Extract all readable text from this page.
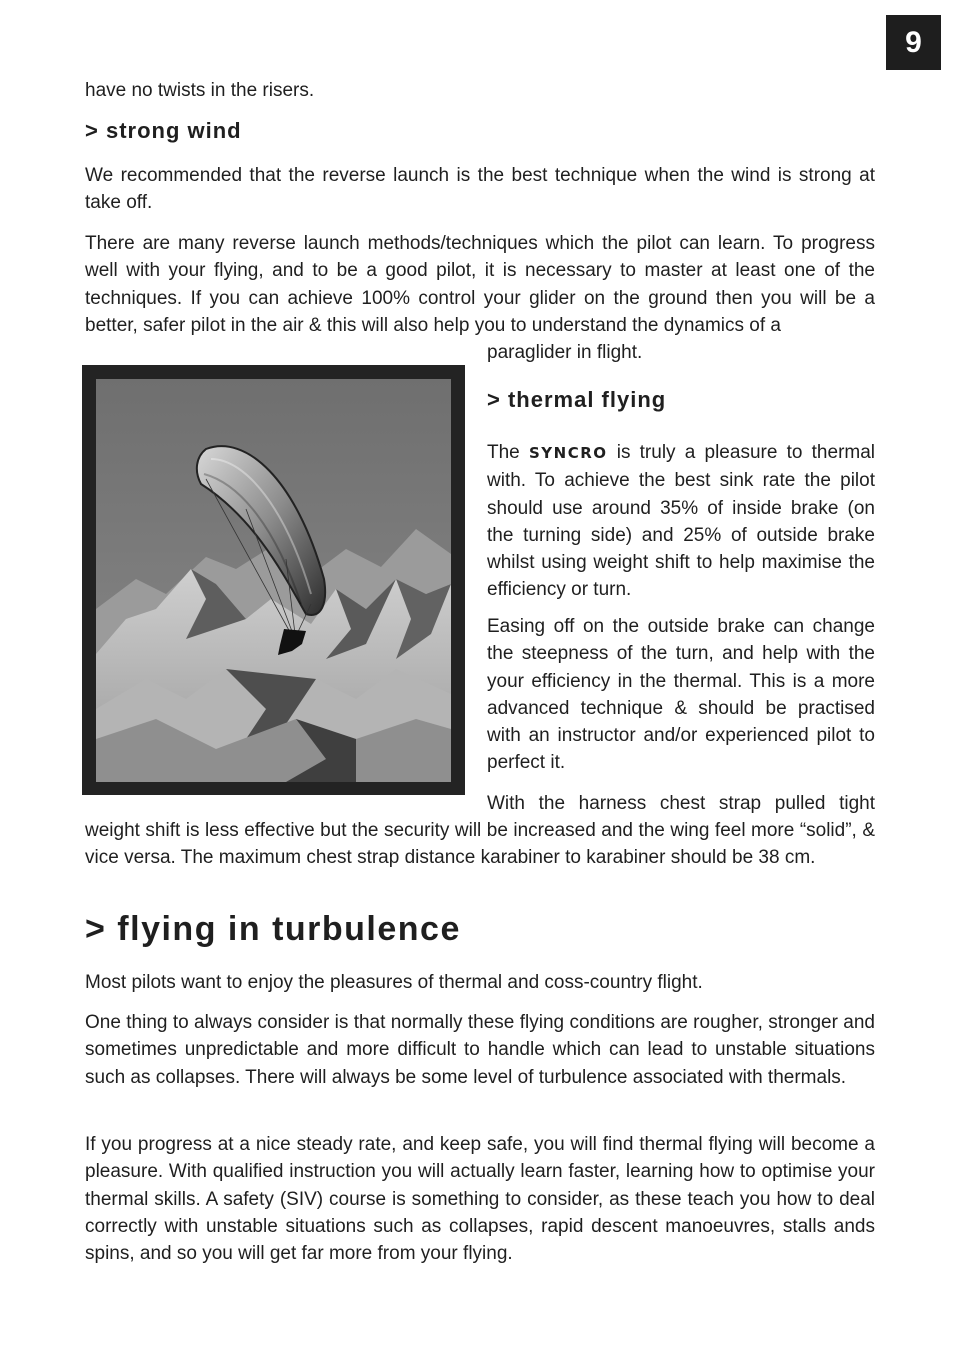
9

have no twists in the risers.

> strong wind

We recommended that the reverse launch is the best technique when the wind is strong at take off.

There are many reverse launch methods/techniques which the pilot can learn. To progress well with your flying, and to be a good pilot, it is necessary to master at least one of the techniques. If you can achieve 100% control your glider on the ground then you will be a better, safer pilot in the air & this will also help you to understand the dynamics of a

paraglider in flight.

> thermal flying

The SYNCRO is truly a pleasure to thermal with. To achieve the best sink rate the pilot should use around 35% of inside brake (on the turning side) and 25% of outside brake whilst using weight shift to help maximise the efficiency or turn.

Easing off on the outside brake can change the steepness of the turn, and help with the your efficiency in the thermal. This is a more advanced technique & should be practised with an instructor and/or experienced pilot to perfect it.

With the harness chest strap pulled tight

weight shift is less effective but the security will be increased and the wing feel more “solid”, & vice versa. The maximum chest strap distance karabiner to karabiner should be 38 cm.

> flying in turbulence

Most pilots want to enjoy the pleasures of thermal and coss-country flight.

One thing to always consider is that normally these flying conditions are rougher, stronger and sometimes unpredictable and more difficult to handle which can lead to unstable situations such as collapses. There will always be some level of turbulence associated with thermals.

If you progress at a nice steady rate, and keep safe, you will find thermal flying will become a pleasure. With qualified instruction you will actually learn faster, learning how to optimise your thermal skills. A safety (SIV) course is something to consider, as these teach you how to deal correctly with unstable situations such as collapses, rapid descent manoeuvres, stalls ands spins, and so you will get far more from your flying.
